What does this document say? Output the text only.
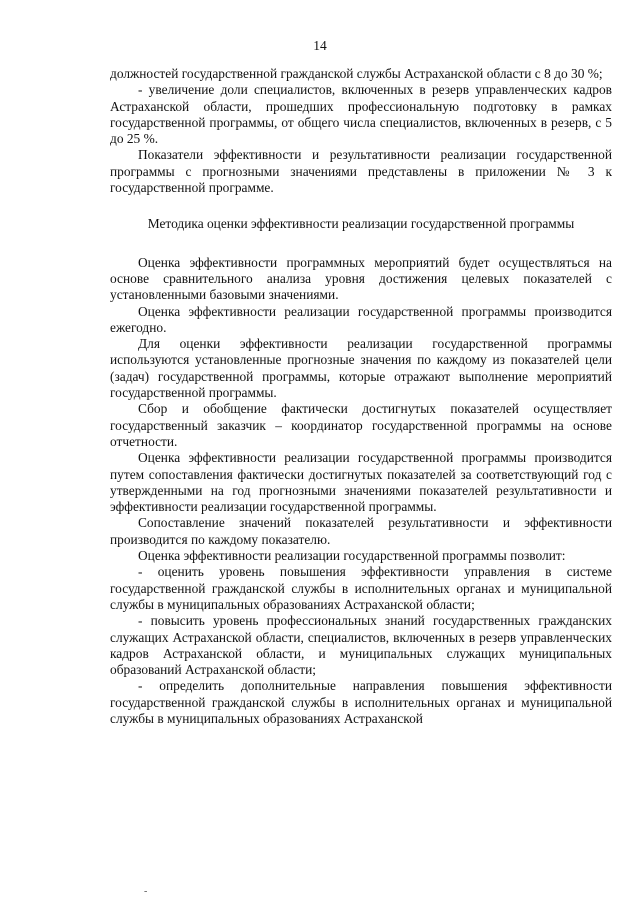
14

должностей государственной гражданской службы Астраханской области с 8 до 30 %;

- увеличение доли специалистов, включенных в резерв управленческих кадров Астраханской области, прошедших профессиональную подготовку в рамках государственной программы, от общего числа специалистов, включенных в резерв, с 5 до 25 %.

Показатели эффективности и результативности реализации государственной программы с прогнозными значениями представлены в приложении № 3 к государственной программе.

Методика оценки эффективности реализации государственной программы

Оценка эффективности программных мероприятий будет осуществляться на основе сравнительного анализа уровня достижения целевых показателей с установленными базовыми значениями.

Оценка эффективности реализации государственной программы производится ежегодно.

Для оценки эффективности реализации государственной программы используются установленные прогнозные значения по каждому из показателей цели (задач) государственной программы, которые отражают выполнение мероприятий государственной программы.

Сбор и обобщение фактически достигнутых показателей осуществляет государственный заказчик – координатор государственной программы на основе отчетности.

Оценка эффективности реализации государственной программы производится путем сопоставления фактически достигнутых показателей за соответствующий год с утвержденными на год прогнозными значениями показателей результативности и эффективности реализации государственной программы.

Сопоставление значений показателей результативности и эффективности производится по каждому показателю.

Оценка эффективности реализации государственной программы позволит:

- оценить уровень повышения эффективности управления в системе государственной гражданской службы в исполнительных органах и муниципальной службы в муниципальных образованиях Астраханской области;

- повысить уровень профессиональных знаний государственных гражданских служащих Астраханской области, специалистов, включенных в резерв управленческих кадров Астраханской области, и муниципальных служащих муниципальных образований Астраханской области;

- определить дополнительные направления повышения эффективности государственной гражданской службы в исполнительных органах и муниципальной службы в муниципальных образованиях Астраханской

-
